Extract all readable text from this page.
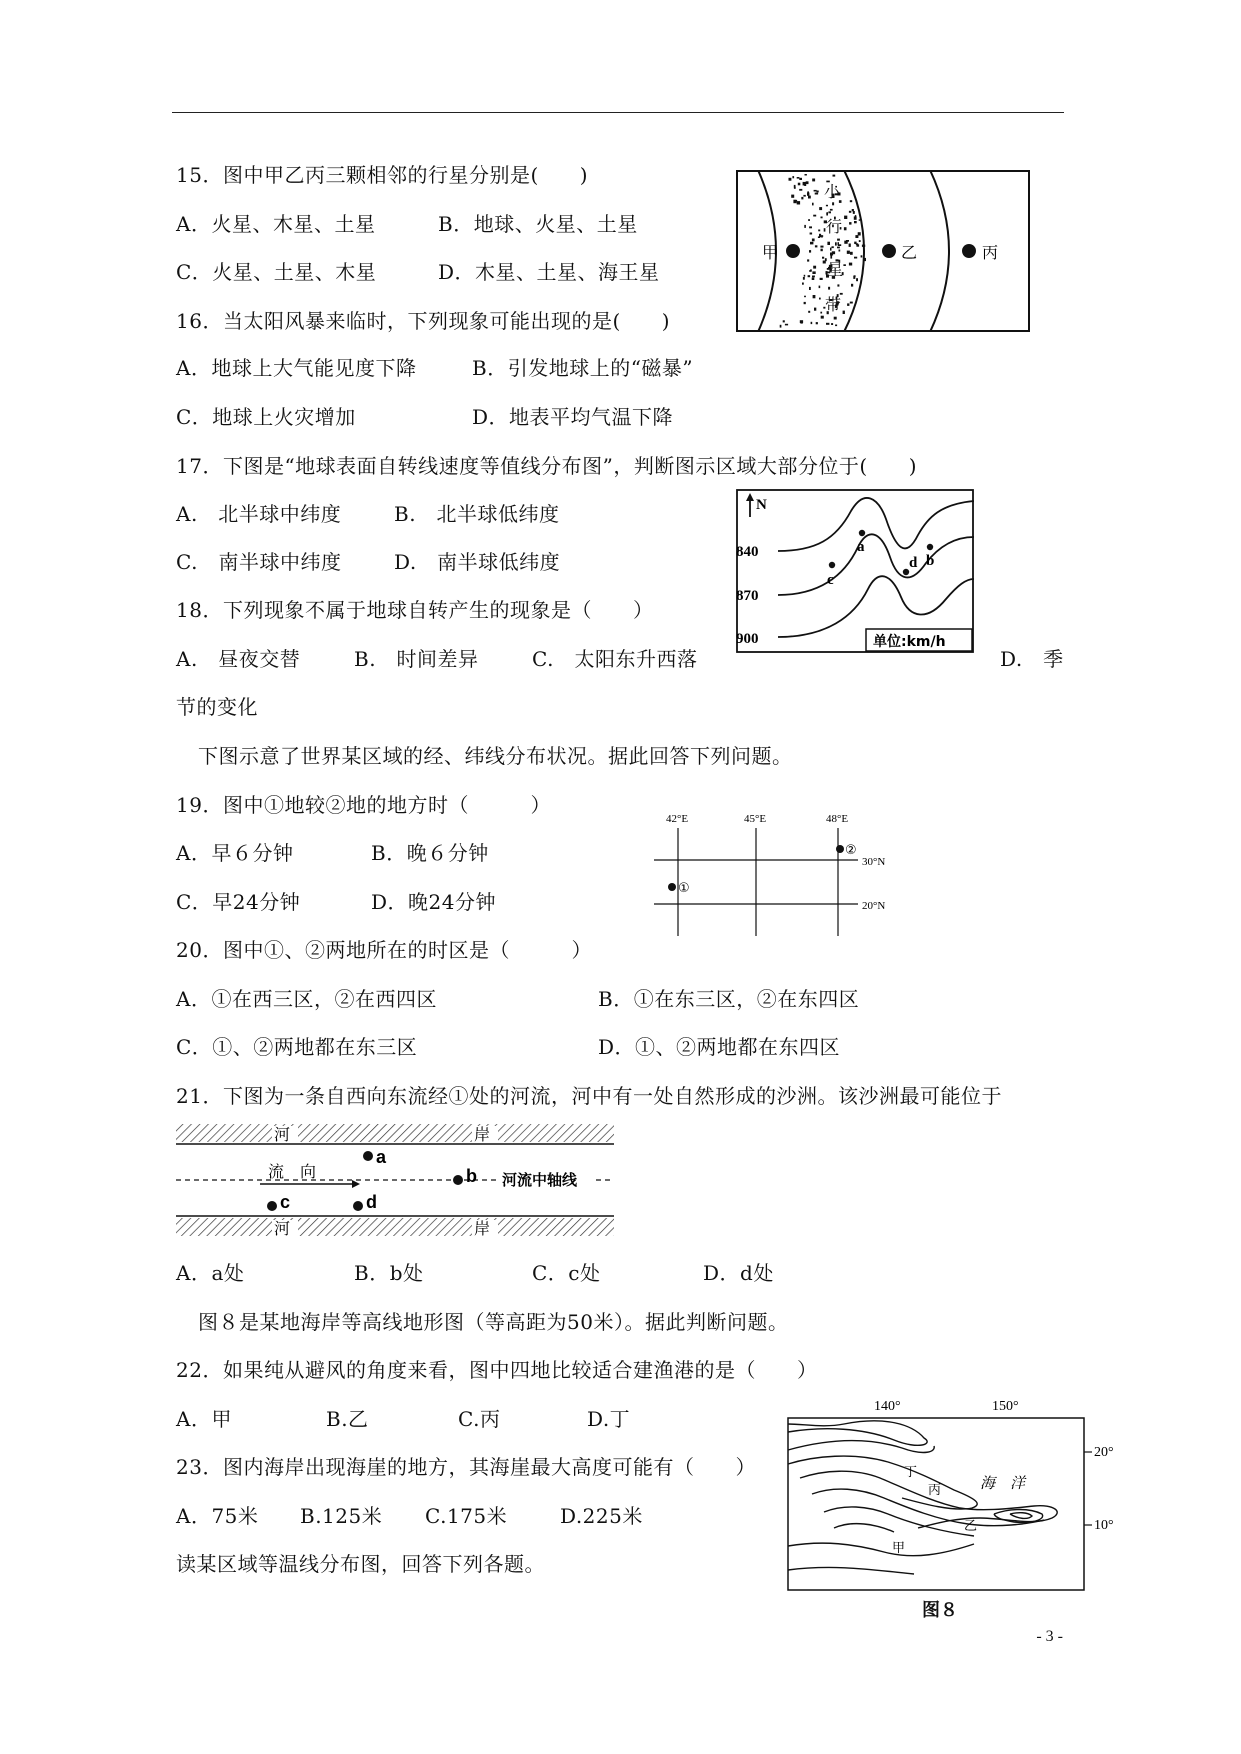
15．图中甲乙丙三颗相邻的行星分别是(　　)
A．火星、木星、土星	B．地球、火星、土星
C．火星、土星、木星	D．木星、土星、海王星
甲	乙	丙
小
行
星
带
16．当太阳风暴来临时，下列现象可能出现的是(　　)
A．地球上大气能见度下降	B．引发地球上的“磁暴”
C．地球上火灾增加	D．地表平均气温下降
17．下图是“地球表面自转线速度等值线分布图”，判断图示区域大部分位于(　　)
A.　北半球中纬度	B.　北半球低纬度
C.　南半球中纬度	D.　南半球低纬度
N
840
870
900
a
b
c
d
单位:km/h
18．下列现象不属于地球自转产生的现象是（　　）
A.　昼夜交替	B.　时间差异	C.　太阳东升西落	D.　季
节的变化
下图示意了世界某区域的经、纬线分布状况。据此回答下列问题。
19．图中①地较②地的地方时（　　　）
A．早６分钟	B．晚６分钟
C．早24分钟	D．晚24分钟
42°E	45°E	48°E
30°N
20°N
①
②
20．图中①、②两地所在的时区是（　　　）
A．①在西三区，②在西四区	B．①在东三区，②在东四区
C．①、②两地都在东三区	D．①、②两地都在东四区
21．下图为一条自西向东流经①处的河流，河中有一处自然形成的沙洲。该沙洲最可能位于
河	岸
河	岸
流　向	河流中轴线
a
b
c	d
A．a处	B．b处	C．c处	D．d处
图８是某地海岸等高线地形图（等高距为50米）。据此判断问题。
22．如果纯从避风的角度来看，图中四地比较适合建渔港的是（　　）
A．甲	B.乙	C.丙	D.丁
23．图内海岸出现海崖的地方，其海崖最大高度可能有（　　）
A．75米 B.125米 C.175米	D.225米
读某区域等温线分布图，回答下列各题。
140°	150°
20°
10°
海 洋
丙
乙
甲
丁
图８
- 3 -
